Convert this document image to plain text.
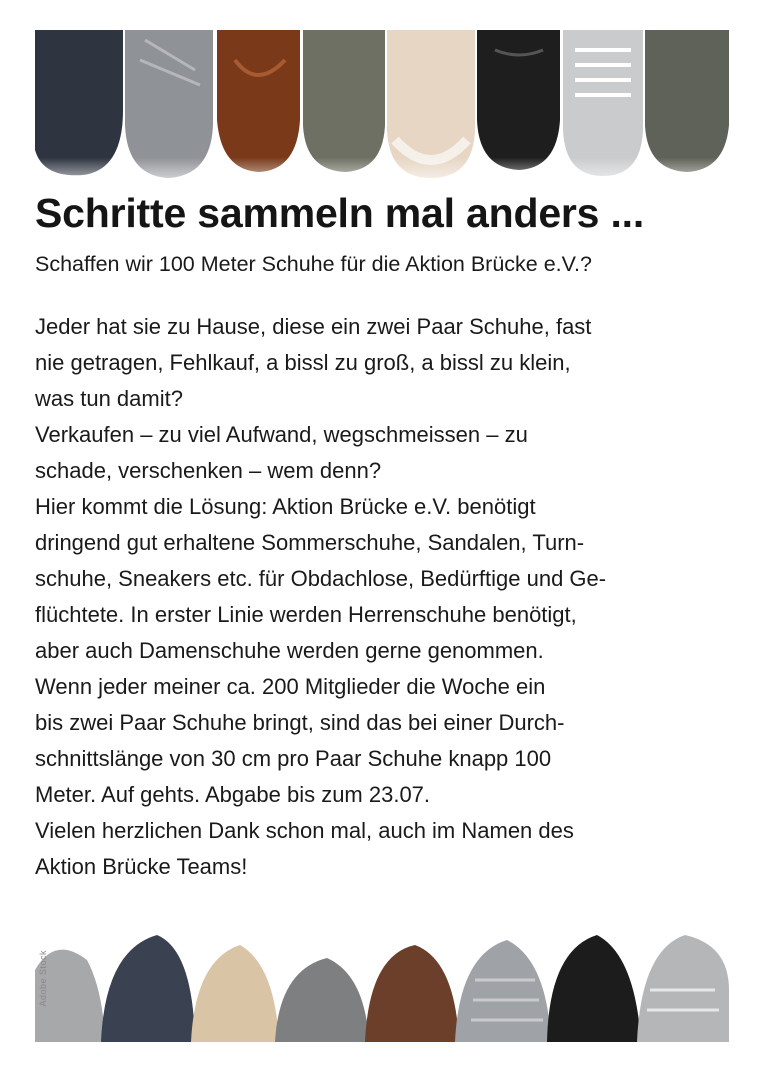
Schritte sammeln mal anders ...

Schaffen wir 100 Meter Schuhe für die Aktion Brücke e.V.?

Jeder hat sie zu Hause, diese ein zwei Paar Schuhe, fast
nie getragen, Fehlkauf, a bissl zu groß, a bissl zu klein,
was tun damit?
Verkaufen – zu viel Aufwand, wegschmeissen – zu
schade, verschenken – wem denn?
Hier kommt die Lösung: Aktion Brücke e.V. benötigt
dringend gut erhaltene Sommerschuhe, Sandalen, Turn-
schuhe, Sneakers etc. für Obdachlose, Bedürftige und Ge-
flüchtete. In erster Linie werden Herrenschuhe benötigt,
aber auch Damenschuhe werden gerne genommen.
Wenn jeder meiner ca. 200 Mitglieder die Woche ein
bis zwei Paar Schuhe bringt, sind das bei einer Durch-
schnittslänge von 30 cm pro Paar Schuhe knapp 100
Meter. Auf gehts. Abgabe bis zum 23.07.
Vielen herzlichen Dank schon mal, auch im Namen des
Aktion Brücke Teams!
Adobe Stock
